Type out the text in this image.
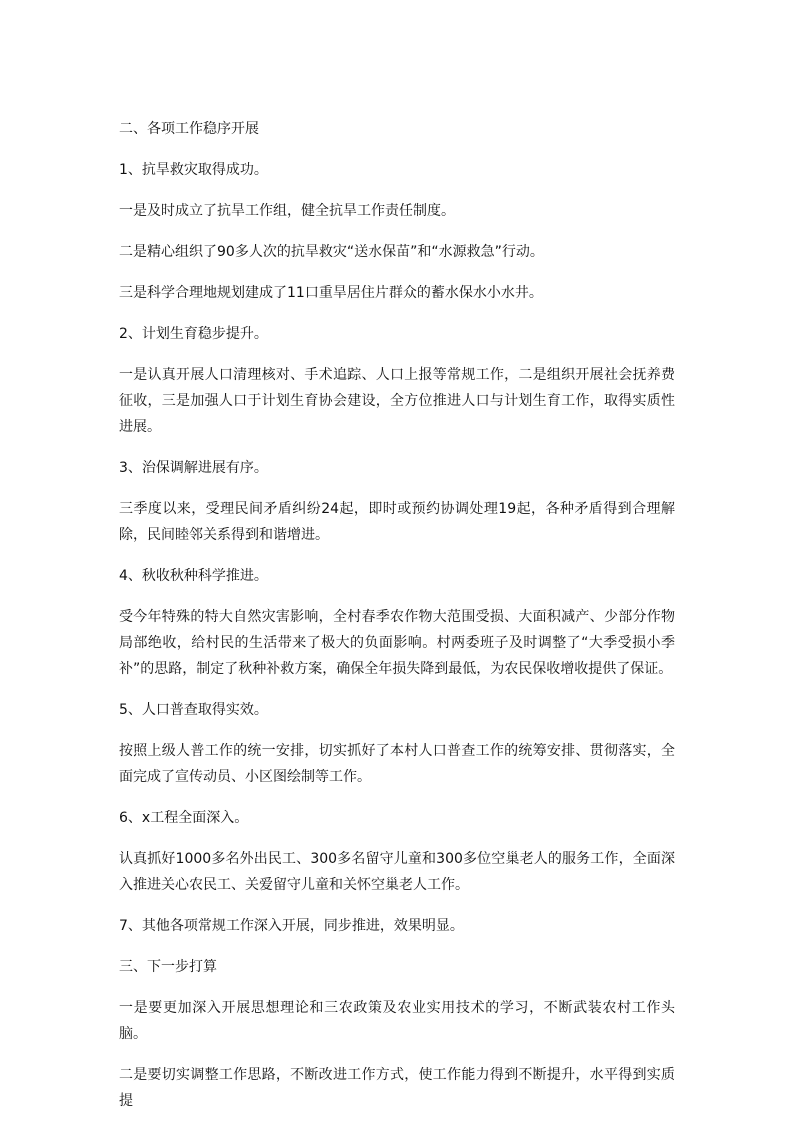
二、各项工作稳序开展

1、抗旱救灾取得成功。

一是及时成立了抗旱工作组，健全抗旱工作责任制度。

二是精心组织了90多人次的抗旱救灾“送水保苗”和“水源救急”行动。

三是科学合理地规划建成了11口重旱居住片群众的蓄水保水小水井。

2、计划生育稳步提升。

一是认真开展人口清理核对、手术追踪、人口上报等常规工作，二是组织开展社会抚养费征收，三是加强人口于计划生育协会建设，全方位推进人口与计划生育工作，取得实质性进展。

3、治保调解进展有序。

三季度以来，受理民间矛盾纠纷24起，即时或预约协调处理19起，各种矛盾得到合理解除，民间睦邻关系得到和谐增进。

4、秋收秋种科学推进。

受今年特殊的特大自然灾害影响，全村春季农作物大范围受损、大面积减产、少部分作物局部绝收，给村民的生活带来了极大的负面影响。村两委班子及时调整了“大季受损小季补”的思路，制定了秋种补救方案，确保全年损失降到最低，为农民保收增收提供了保证。

5、人口普查取得实效。

按照上级人普工作的统一安排，切实抓好了本村人口普查工作的统筹安排、贯彻落实，全面完成了宣传动员、小区图绘制等工作。

6、x工程全面深入。

认真抓好1000多名外出民工、300多名留守儿童和300多位空巢老人的服务工作，全面深入推进关心农民工、关爱留守儿童和关怀空巢老人工作。

7、其他各项常规工作深入开展，同步推进，效果明显。

三、下一步打算

一是要更加深入开展思想理论和三农政策及农业实用技术的学习，不断武装农村工作头脑。

二是要切实调整工作思路，不断改进工作方式，使工作能力得到不断提升，水平得到实质提
